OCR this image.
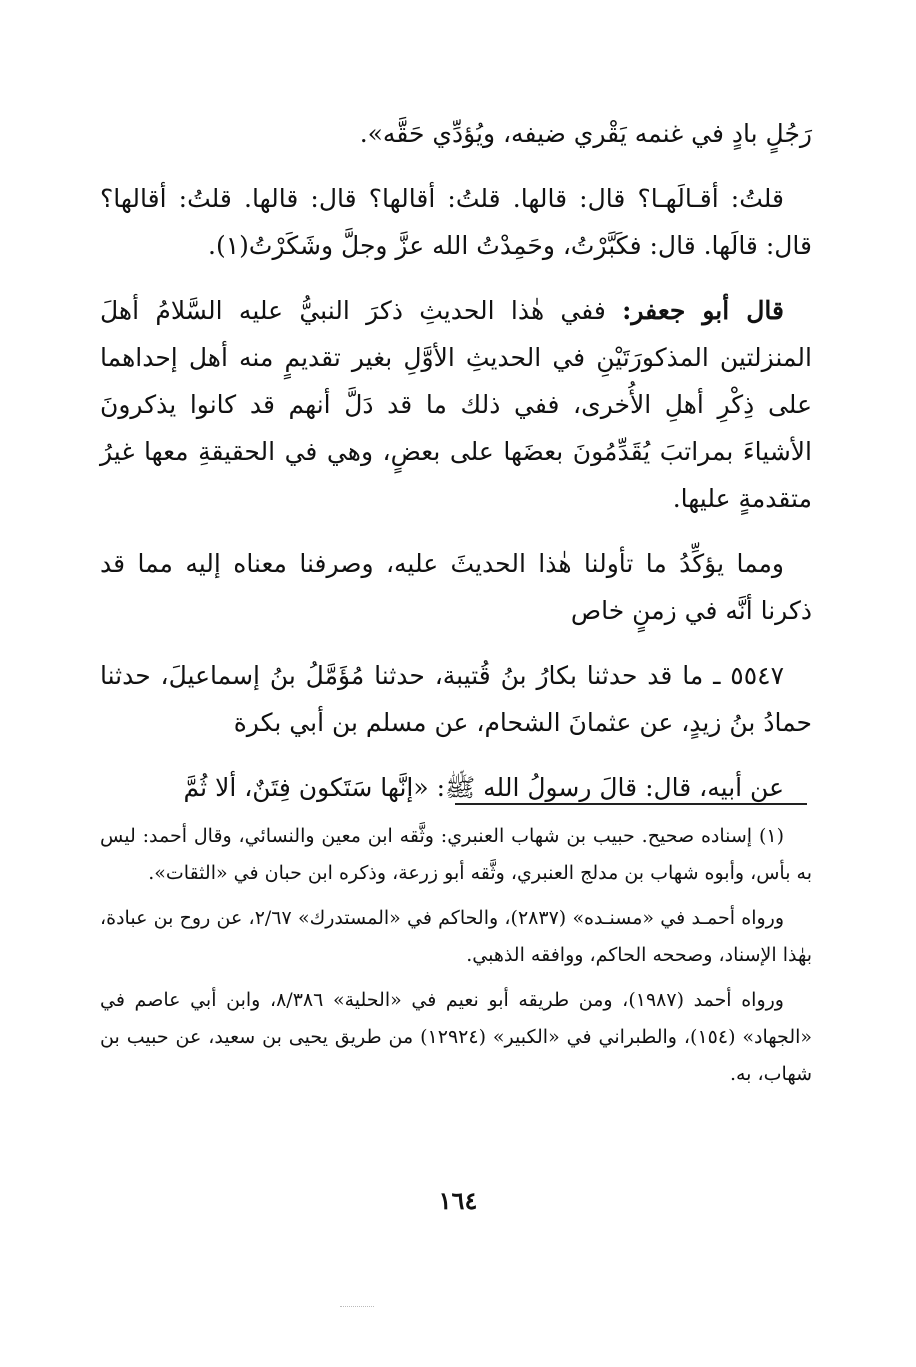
رَجُلٍ بادٍ في غنمه يَقْري ضيفه، ويُؤدِّي حَقَّه».

قلتُ: أقـالَهـا؟ قال: قالها. قلتُ: أقالها؟ قال: قالها. قلتُ: أقالها؟ قال: قالَها. قال: فكَبَّرْتُ، وحَمِدْتُ الله عزَّ وجلَّ وشَكَرْتُ(١).

قال أبو جعفر: ففي هٰذا الحديثِ ذكرَ النبيُّ عليه السَّلامُ أهلَ المنزلتين المذكورَتَيْنِ في الحديثِ الأوَّلِ بغير تقديمٍ منه أهل إحداهما على ذِكْرِ أهلِ الأُخرى، ففي ذلك ما قد دَلَّ أنهم قد كانوا يذكرونَ الأشياءَ بمراتبَ يُقَدِّمُونَ بعضَها على بعضٍ، وهي في الحقيقةِ معها غيرُ متقدمةٍ عليها.

ومما يؤكِّدُ ما تأولنا هٰذا الحديثَ عليه، وصرفنا معناه إليه مما قد ذكرنا أنَّه في زمنٍ خاص

٥٥٤٧ ـ ما قد حدثنا بكارُ بنُ قُتيبة، حدثنا مُؤَمَّلُ بنُ إسماعيلَ، حدثنا حمادُ بنُ زيدٍ، عن عثمانَ الشحام، عن مسلم بن أبي بكرة

عن أبيه، قال: قالَ رسولُ الله ﷺ: «إنَّها سَتَكون فِتَنٌ، ألا ثُمَّ

(١) إسناده صحيح. حبيب بن شهاب العنبري: وثَّقه ابن معين والنسائي، وقال أحمد: ليس به بأس، وأبوه شهاب بن مدلج العنبري، وثَّقه أبو زرعة، وذكره ابن حبان في «الثقات».

ورواه أحمـد في «مسنـده» (٢٨٣٧)، والحاكم في «المستدرك» ٢/٦٧، عن روح بن عبادة، بهٰذا الإسناد، وصححه الحاكم، ووافقه الذهبي.

ورواه أحمد (١٩٨٧)، ومن طريقه أبو نعيم في «الحلية» ٨/٣٨٦، وابن أبي عاصم في «الجهاد» (١٥٤)، والطبراني في «الكبير» (١٢٩٢٤) من طريق يحيى بن سعيد، عن حبيب بن شهاب، به.

١٦٤
